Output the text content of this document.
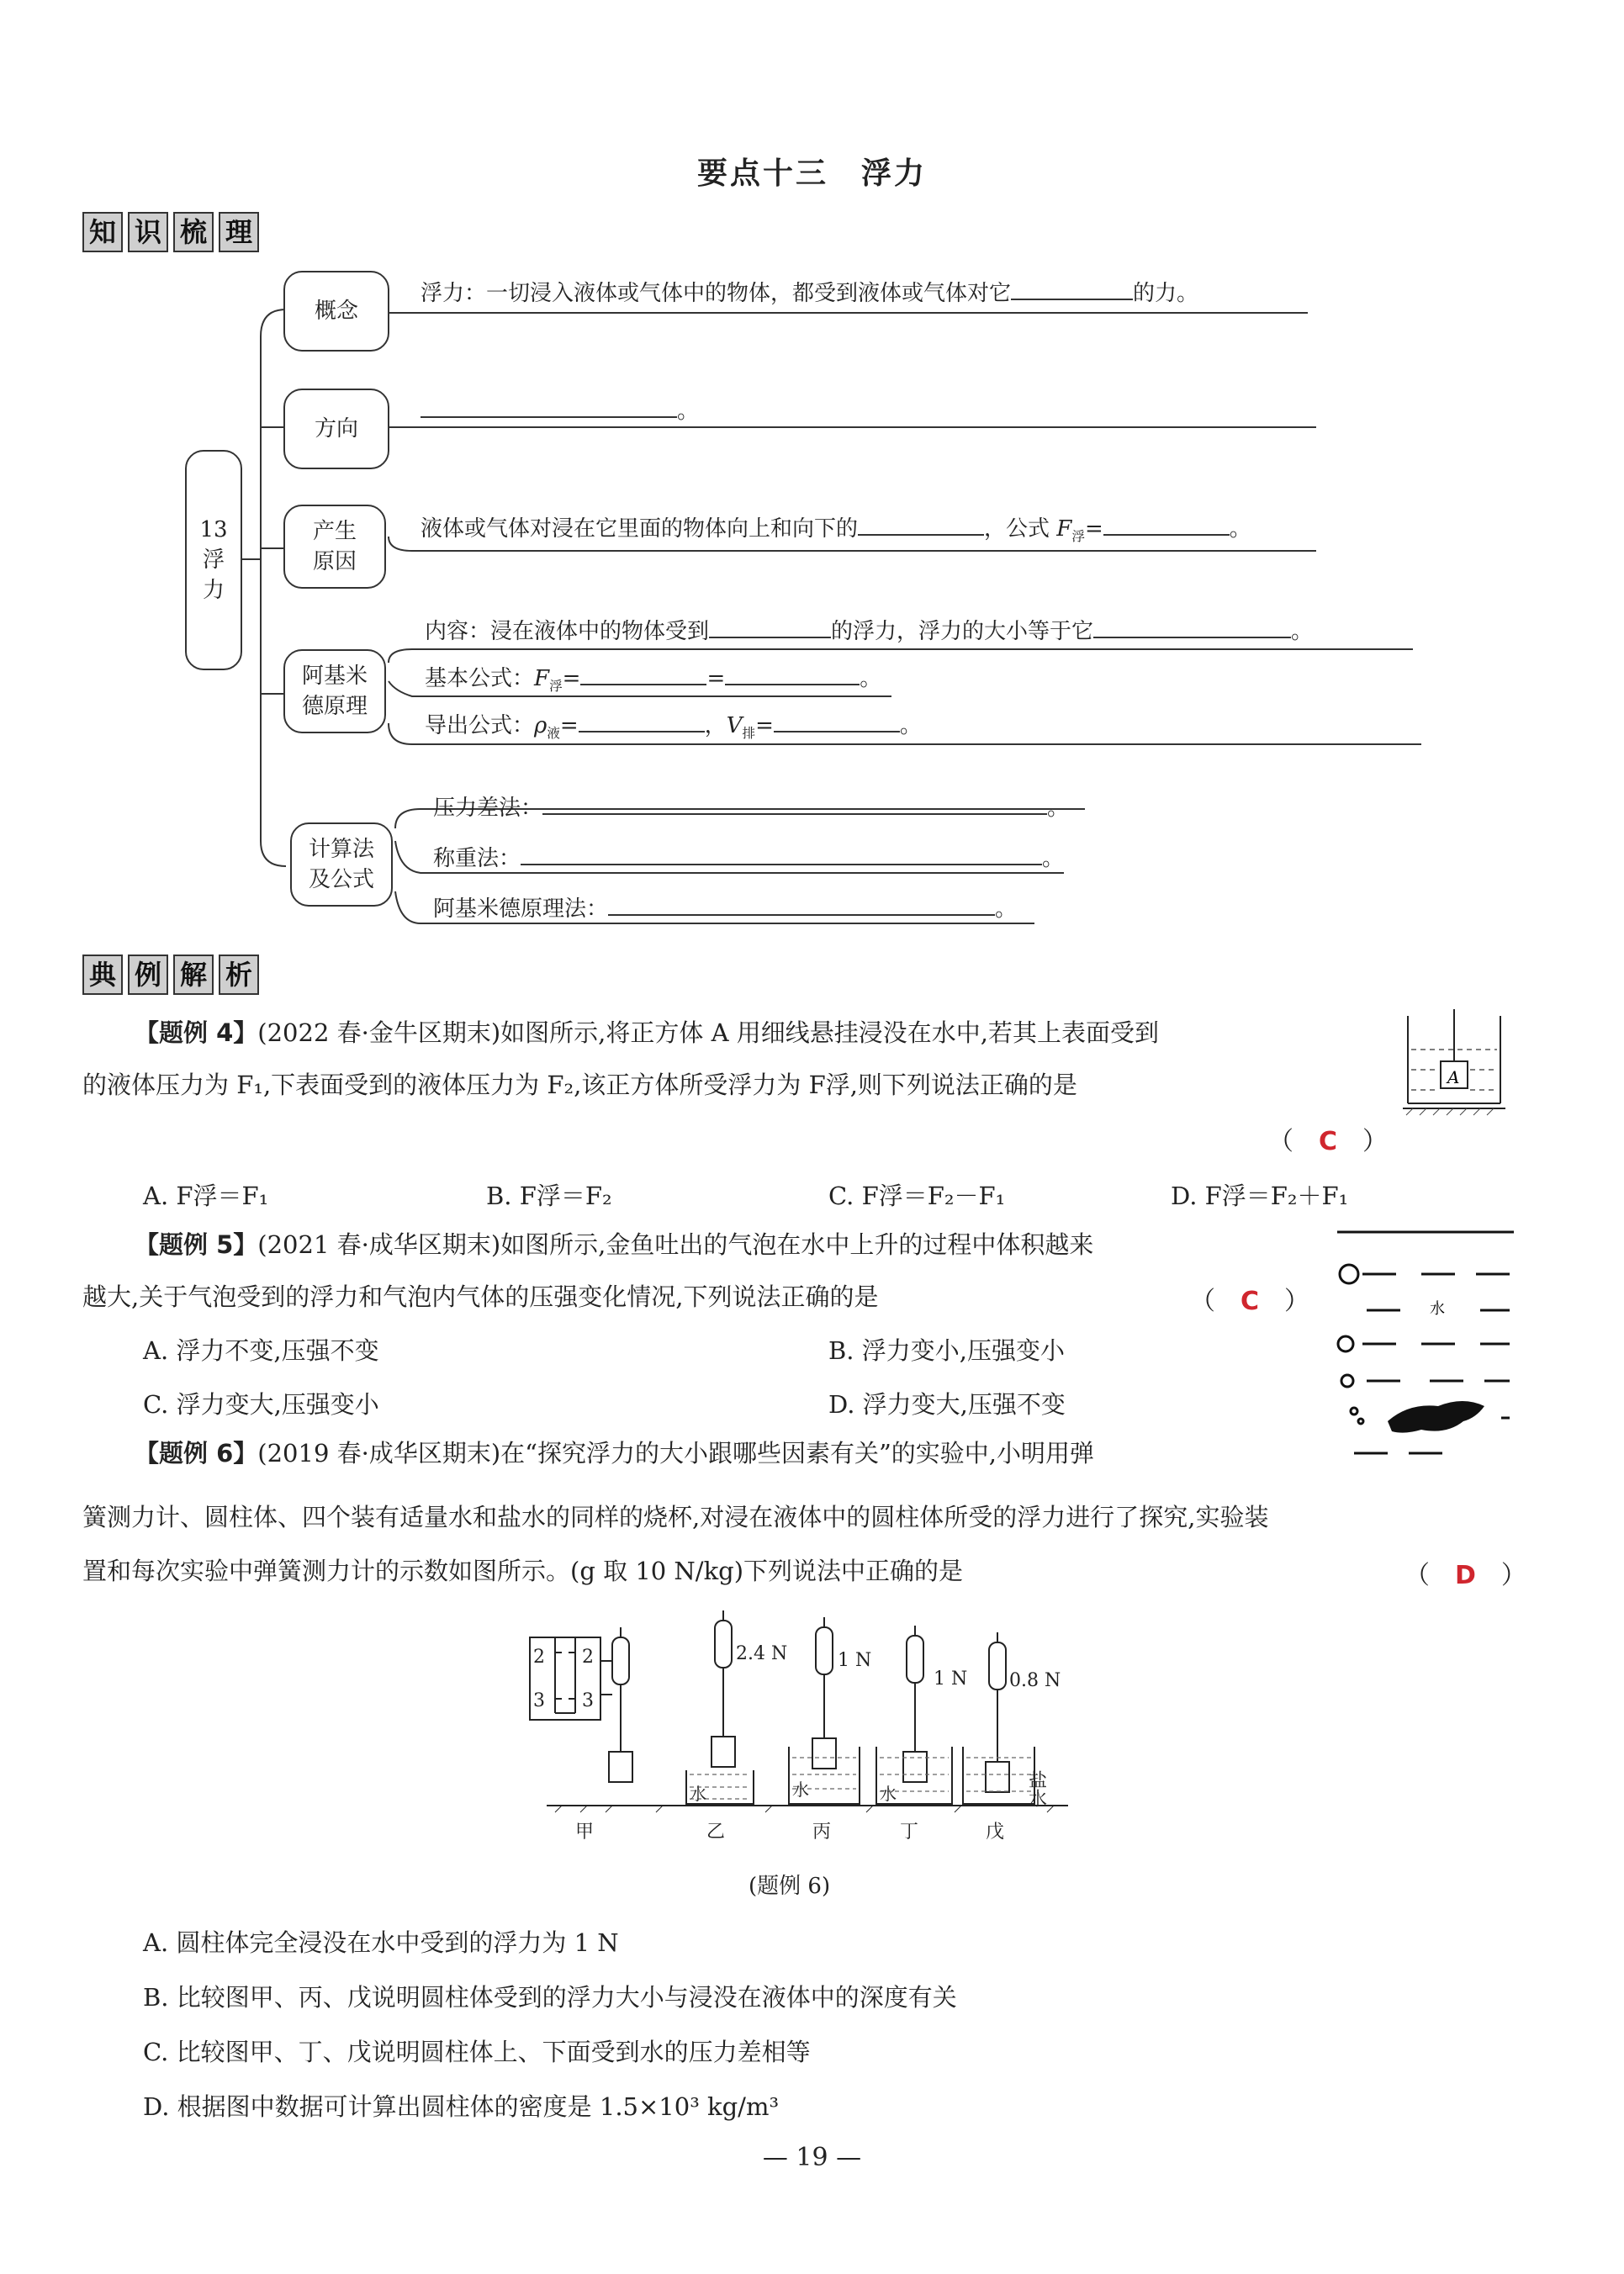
要点十三　浮力
知 识 梳 理
13
浮力
概念
方向
产生原因
阿基米德原理
计算法及公式
浮力：一切浸入液体或气体中的物体，都受到液体或气体对它	的力。
。
液体或气体对浸在它里面的物体向上和向下的	，公式 $F_浮=$	。
内容：浸在液体中的物体受到	的浮力，浮力的大小等于它	。
基本公式：$F_浮=$	=	。
导出公式：$\rho_液=$	，$V_排=$	。
压力差法：	。
称重法：	。
阿基米德原理法：	。
典 例 解 析
【题例 4】(2022 春·金牛区期末)如图所示,将正方体 A 用细线悬挂浸没在水中,若其上表面受到
的液体压力为 F₁,下表面受到的液体压力为 F₂,该正方体所受浮力为 F浮,则下列说法正确的是
（　C　）
A. F浮＝F₁	B. F浮＝F₂	C. F浮＝F₂－F₁	D. F浮＝F₂＋F₁
A
【题例 5】(2021 春·成华区期末)如图所示,金鱼吐出的气泡在水中上升的过程中体积越来
越大,关于气泡受到的浮力和气泡内气体的压强变化情况,下列说法正确的是	（　C　）
A. 浮力不变,压强不变	B. 浮力变小,压强变小
C. 浮力变大,压强变小	D. 浮力变大,压强不变
水
【题例 6】(2019 春·成华区期末)在“探究浮力的大小跟哪些因素有关”的实验中,小明用弹
簧测力计、圆柱体、四个装有适量水和盐水的同样的烧杯,对浸在液体中的圆柱体所受的浮力进行了探究,实验装
置和每次实验中弹簧测力计的示数如图所示。(g 取 10 N/kg)下列说法中正确的是	（　D　）
2 2
3 3
2.4 N	1 N
1 N 0.8 N
水	水	水	盐水
甲	乙	丙	丁	戊
(题例 6)
A. 圆柱体完全浸没在水中受到的浮力为 1 N
B. 比较图甲、丙、戊说明圆柱体受到的浮力大小与浸没在液体中的深度有关
C. 比较图甲、丁、戊说明圆柱体上、下面受到水的压力差相等
D. 根据图中数据可计算出圆柱体的密度是 1.5×10³ kg/m³
— 19 —
